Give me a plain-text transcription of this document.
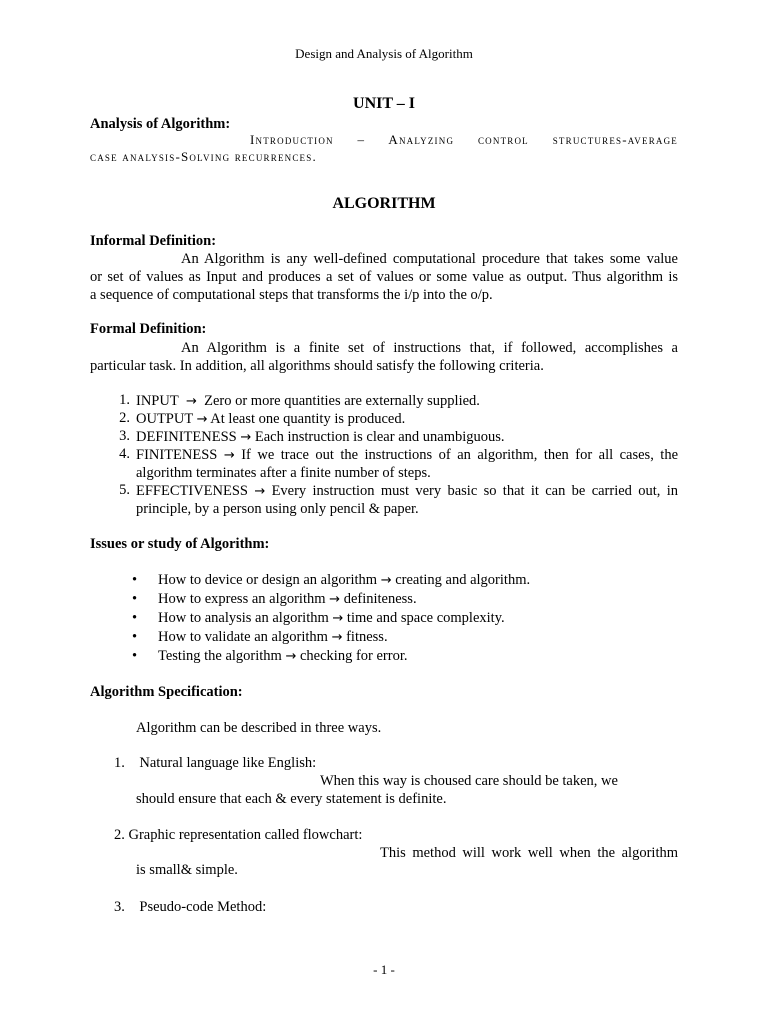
Design and Analysis of Algorithm
UNIT – I
Analysis of Algorithm:
Introduction – Analyzing control structures-average
case analysis-Solving recurrences.
ALGORITHM
Informal Definition:
An Algorithm is any well-defined computational procedure that takes some value
or set of values as Input and produces a set of values or some value as output. Thus algorithm is
a sequence of computational steps that transforms the i/p into the o/p.
Formal Definition:
An Algorithm is a finite set of instructions that, if followed, accomplishes a
particular task. In addition, all algorithms should satisfy the following criteria.
1. INPUT → Zero or more quantities are externally supplied.
2. OUTPUT → At least one quantity is produced.
3. DEFINITENESS → Each instruction is clear and unambiguous.
4. FINITENESS → If we trace out the instructions of an algorithm, then for all cases, the
algorithm terminates after a finite number of steps.
5. EFFECTIVENESS → Every instruction must very basic so that it can be carried out, in
principle, by a person using only pencil & paper.
Issues or study of Algorithm:
• How to device or design an algorithm → creating and algorithm.
• How to express an algorithm → definiteness.
• How to analysis an algorithm → time and space complexity.
• How to validate an algorithm → fitness.
• Testing the algorithm → checking for error.
Algorithm Specification:
Algorithm can be described in three ways.
1.    Natural language like English:
When this way is choused care should be taken, we
should ensure that each & every statement is definite.
2. Graphic representation called flowchart:
This method will work well when the algorithm
is small& simple.
3.    Pseudo-code Method:
- 1 -
